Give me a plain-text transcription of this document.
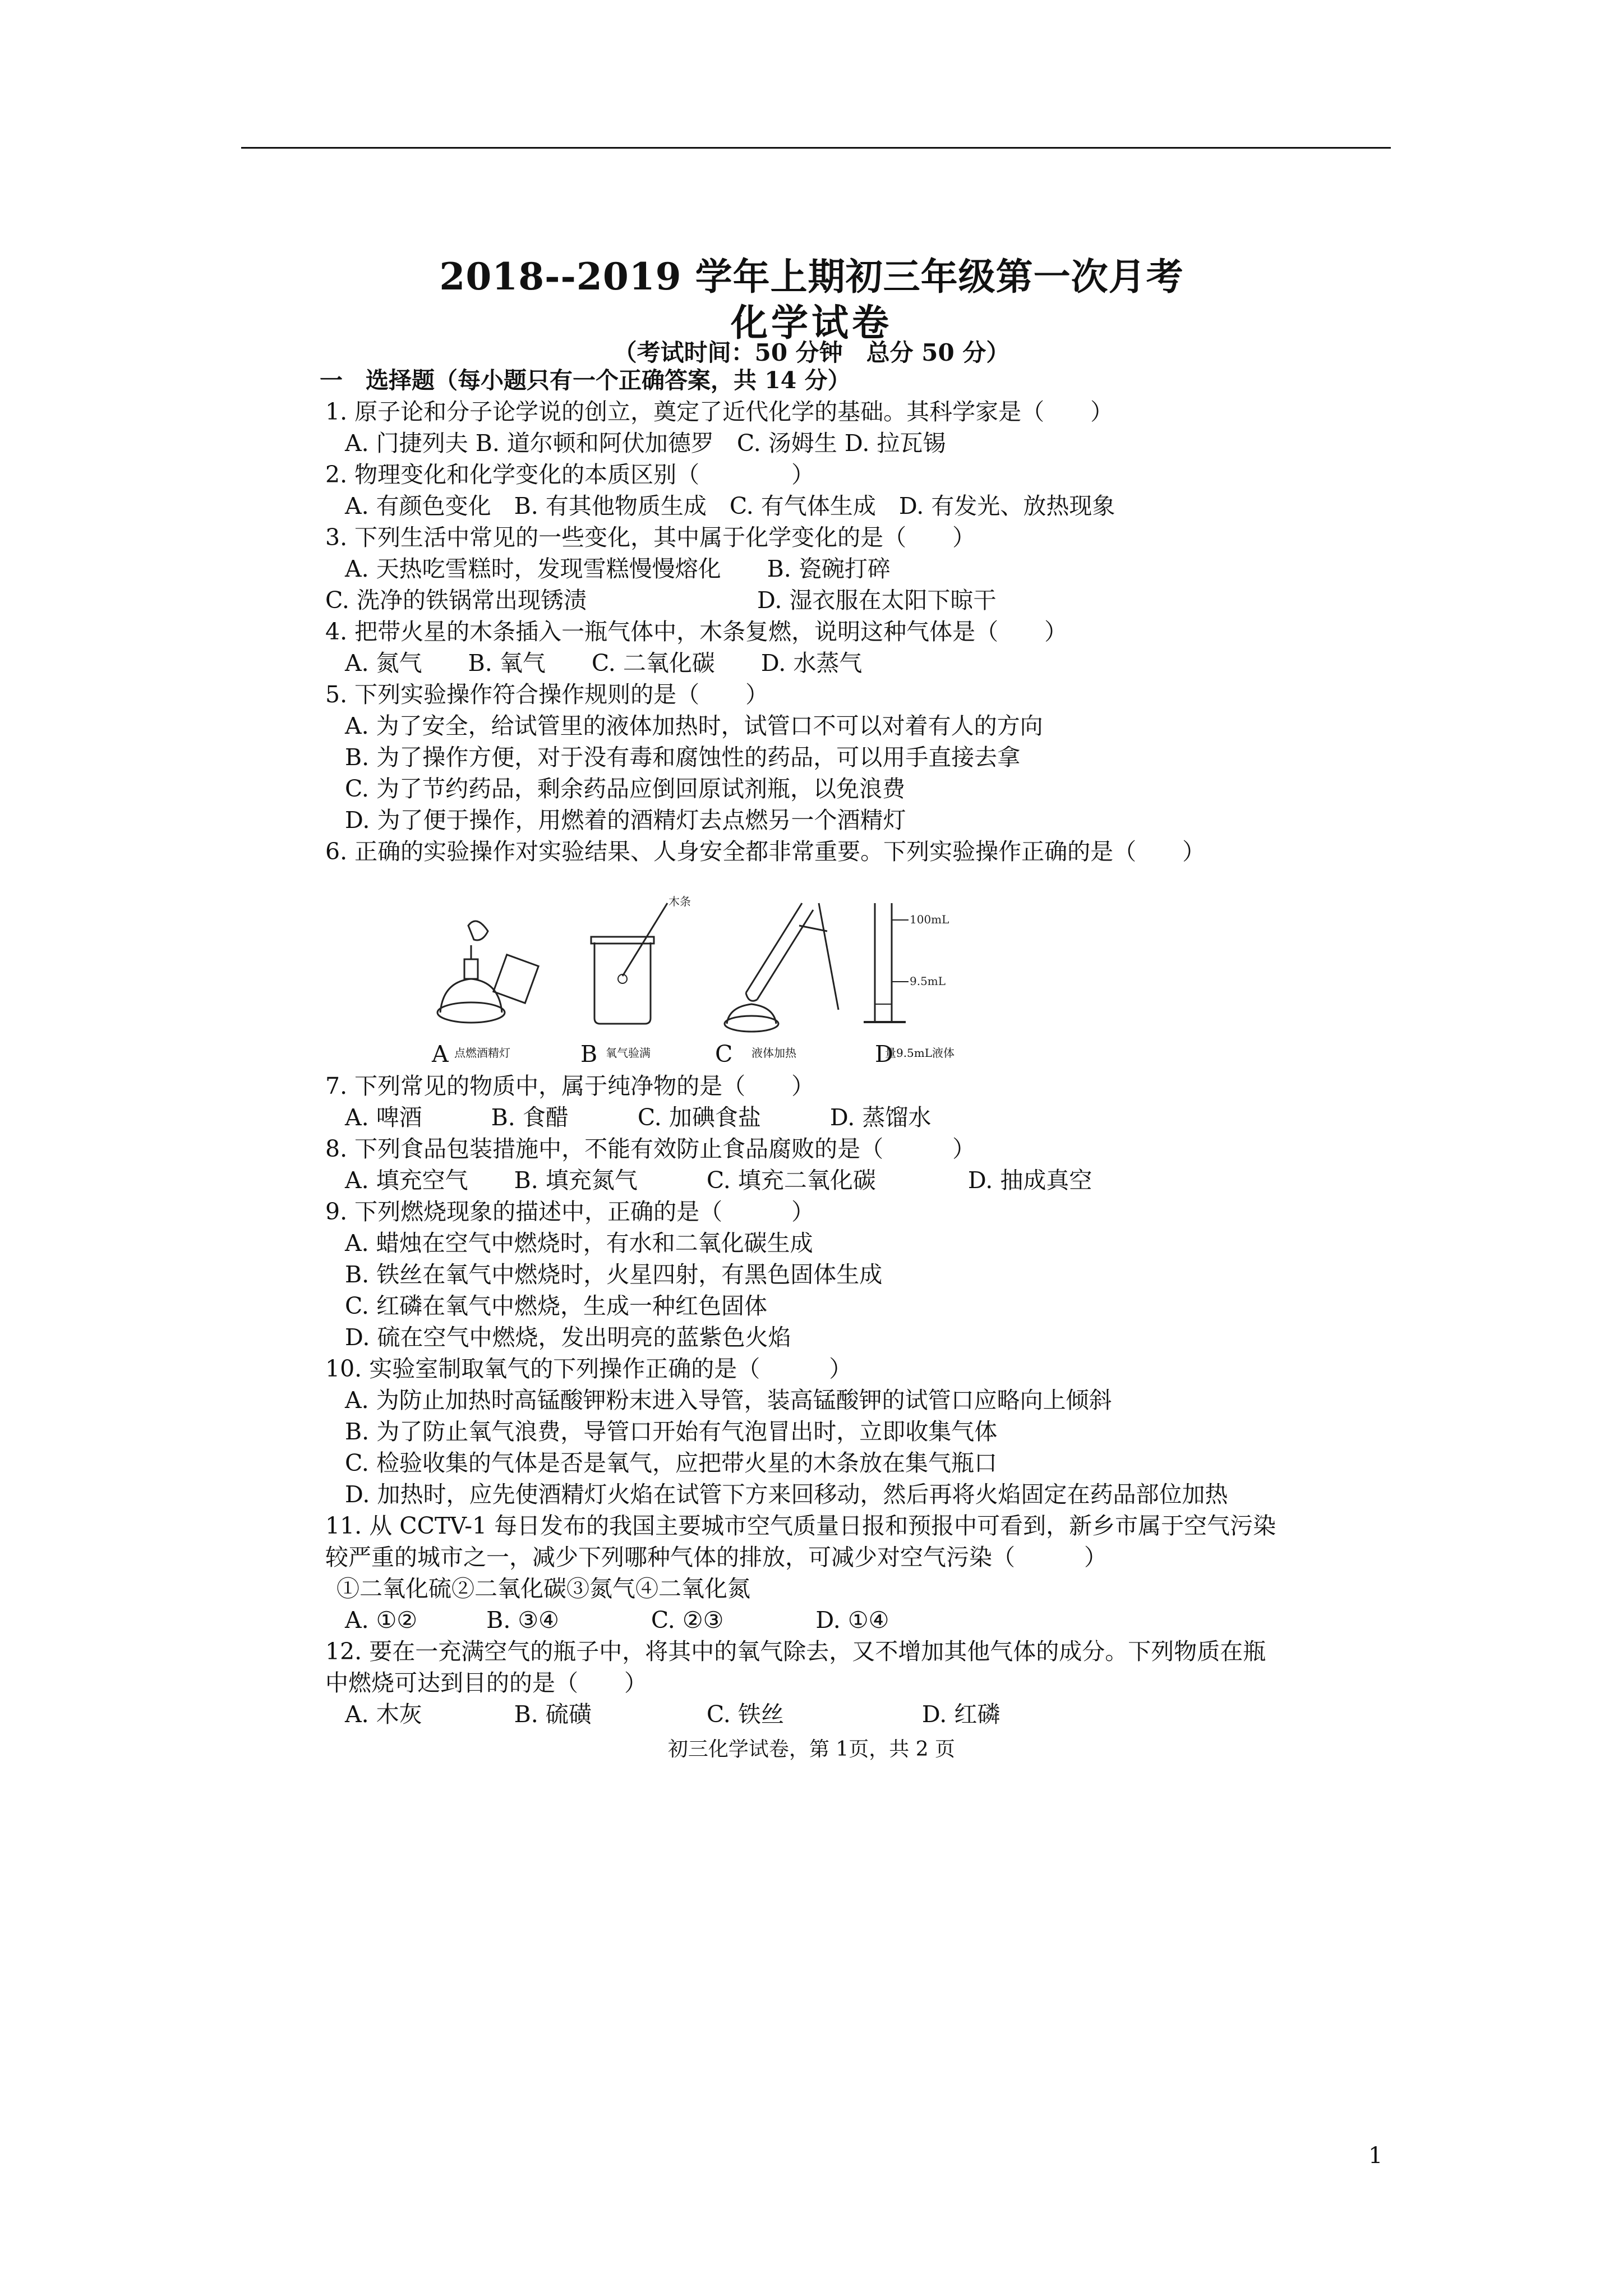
2018--2019 学年上期初三年级第一次月考
化学试卷
（考试时间：50 分钟　总分 50 分）
一　选择题（每小题只有一个正确答案，共 14 分）
1. 原子论和分子论学说的创立，奠定了近代化学的基础。其科学家是（　　）
A. 门捷列夫 B. 道尔顿和阿伏加德罗　C. 汤姆生 D. 拉瓦锡
2. 物理变化和化学变化的本质区别（　　　　）
A. 有颜色变化　B. 有其他物质生成　C. 有气体生成　D. 有发光、放热现象
3. 下列生活中常见的一些变化，其中属于化学变化的是（　　）
A. 天热吃雪糕时，发现雪糕慢慢熔化　　B. 瓷碗打碎
C. 洗净的铁锅常出现锈渍	D. 湿衣服在太阳下晾干
4. 把带火星的木条插入一瓶气体中，木条复燃，说明这种气体是（　　）
A. 氮气　　B. 氧气　　C. 二氧化碳　　D. 水蒸气
5. 下列实验操作符合操作规则的是（　　）
A. 为了安全，给试管里的液体加热时，试管口不可以对着有人的方向
B. 为了操作方便，对于没有毒和腐蚀性的药品，可以用手直接去拿
C. 为了节约药品，剩余药品应倒回原试剂瓶，以免浪费
D. 为了便于操作，用燃着的酒精灯去点燃另一个酒精灯
6. 正确的实验操作对实验结果、人身安全都非常重要。下列实验操作正确的是（　　）
点燃酒精灯
木条
氧气验满	液体加热
100mL
9.5mL
量9.5mL液体
A	B	C	D
7. 下列常见的物质中，属于纯净物的是（　　）
A. 啤酒　　　B. 食醋　　　C. 加碘食盐　　　D. 蒸馏水
8. 下列食品包装措施中，不能有效防止食品腐败的是（　　　）
A. 填充空气　　B. 填充氮气　　　C. 填充二氧化碳　　　　D. 抽成真空
9. 下列燃烧现象的描述中，正确的是（　　　）
A. 蜡烛在空气中燃烧时，有水和二氧化碳生成
B. 铁丝在氧气中燃烧时，火星四射，有黑色固体生成
C. 红磷在氧气中燃烧，生成一种红色固体
D. 硫在空气中燃烧，发出明亮的蓝紫色火焰
10. 实验室制取氧气的下列操作正确的是（　　　）
A. 为防止加热时高锰酸钾粉末进入导管，装高锰酸钾的试管口应略向上倾斜
B. 为了防止氧气浪费，导管口开始有气泡冒出时，立即收集气体
C. 检验收集的气体是否是氧气，应把带火星的木条放在集气瓶口
D. 加热时，应先使酒精灯火焰在试管下方来回移动，然后再将火焰固定在药品部位加热
11. 从 CCTV-1 每日发布的我国主要城市空气质量日报和预报中可看到，新乡市属于空气污染
较严重的城市之一，减少下列哪种气体的排放，可减少对空气污染（　　　）
①二氧化硫②二氧化碳③氮气④二氧化氮
A. ①②　　　B. ③④　　　　C. ②③　　　　D. ①④
12. 要在一充满空气的瓶子中，将其中的氧气除去，又不增加其他气体的成分。下列物质在瓶
中燃烧可达到目的的是（　　）
A. 木灰　　　　B. 硫磺　　　　　C. 铁丝　　　　　　D. 红磷
初三化学试卷，第 1页，共 2 页
1
